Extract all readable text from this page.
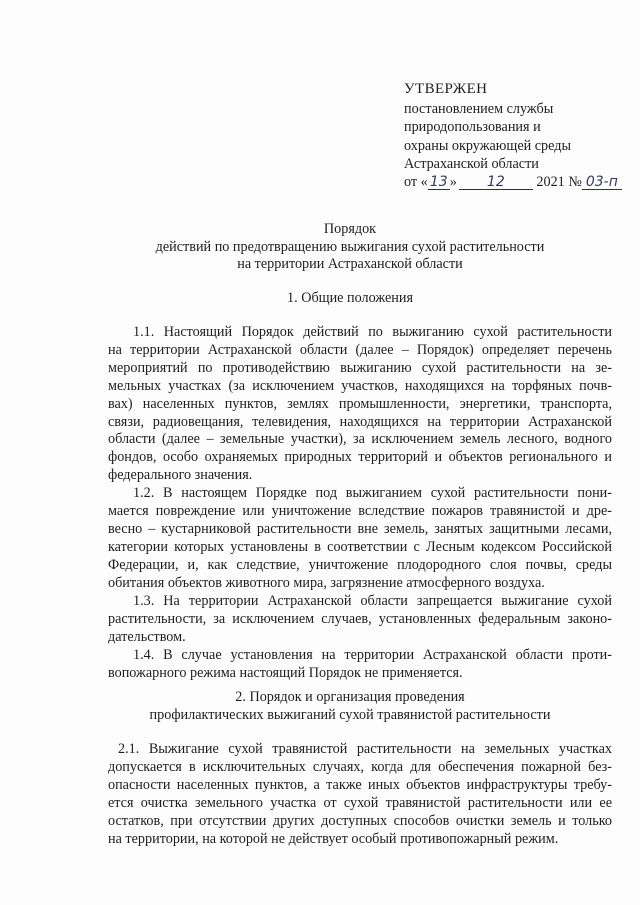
УТВЕРЖЕН
постановлением службы
природопользования и
охраны окружающей среды
Астраханской области
от « 13 » 12 2021 № 03-п
Порядок
действий по предотвращению выжигания сухой растительности
на территории Астраханской области
1. Общие положения
1.1. Настоящий Порядок действий по выжиганию сухой растительности
на территории Астраханской области (далее – Порядок) определяет перечень
мероприятий по противодействию выжиганию сухой растительности на зе-
мельных участках (за исключением участков, находящихся на торфяных почв-
вах) населенных пунктов, землях промышленности, энергетики, транспорта,
связи, радиовещания, телевидения, находящихся на территории Астраханской
области (далее – земельные участки), за исключением земель лесного, водного
фондов, особо охраняемых природных территорий и объектов регионального и
федерального значения.
1.2. В настоящем Порядке под выжиганием сухой растительности пони-
мается повреждение или уничтожение вследствие пожаров травянистой и дре-
весно – кустарниковой растительности вне земель, занятых защитными лесами,
категории которых установлены в соответствии с Лесным кодексом Российской
Федерации, и, как следствие, уничтожение плодородного слоя почвы, среды
обитания объектов животного мира, загрязнение атмосферного воздуха.
1.3. На территории Астраханской области запрещается выжигание сухой
растительности, за исключением случаев, установленных федеральным законо-
дательством.
1.4. В случае установления на территории Астраханской области проти-
вопожарного режима настоящий Порядок не применяется.
2.1. Выжигание сухой травянистой растительности на земельных участках
допускается в исключительных случаях, когда для обеспечения пожарной без-
опасности населенных пунктов, а также иных объектов инфраструктуры требу-
ется очистка земельного участка от сухой травянистой растительности или ее
остатков, при отсутствии других доступных способов очистки земель и только
на территории, на которой не действует особый противопожарный режим.
2. Порядок и организация проведения
профилактических выжиганий сухой травянистой растительности
